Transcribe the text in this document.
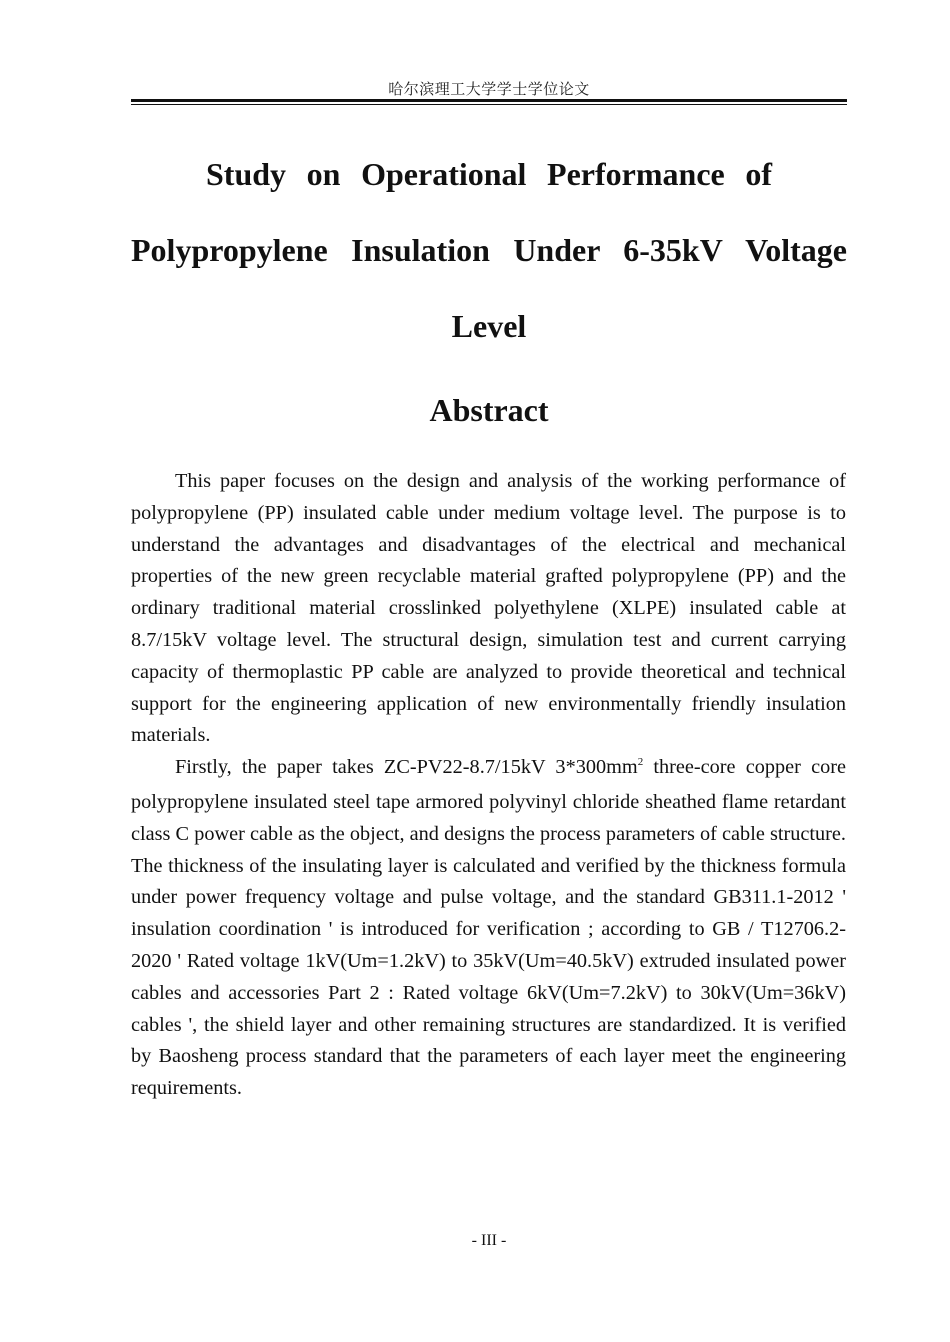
哈尔滨理工大学学士学位论文
Study on Operational Performance of
Polypropylene Insulation Under 6-35kV Voltage
Level
Abstract

This paper focuses on the design and analysis of the working performance of polypropylene (PP) insulated cable under medium voltage level. The purpose is to understand the advantages and disadvantages of the electrical and mechanical properties of the new green recyclable material grafted polypropylene (PP) and the ordinary traditional material crosslinked polyethylene (XLPE) insulated cable at 8.7/15kV voltage level. The structural design, simulation test and current carrying capacity of thermoplastic PP cable are analyzed to provide theoretical and technical support for the engineering application of new environmentally friendly insulation materials.

Firstly, the paper takes ZC-PV22-8.7/15kV $3*300mm^2$ three-core copper core polypropylene insulated steel tape armored polyvinyl chloride sheathed flame retardant class C power cable as the object, and designs the process parameters of cable structure. The thickness of the insulating layer is calculated and verified by the thickness formula under power frequency voltage and pulse voltage, and the standard GB311.1-2012 ' insulation coordination ' is introduced for verification ; according to GB / T12706.2-2020 ' Rated voltage 1kV(Um=1.2kV) to 35kV(Um=40.5kV) extruded insulated power cables and accessories Part 2 : Rated voltage 6kV(Um=7.2kV) to 30kV(Um=36kV) cables ', the shield layer and other remaining structures are standardized. It is verified by Baosheng process standard that the parameters of each layer meet the engineering requirements.

- III -
